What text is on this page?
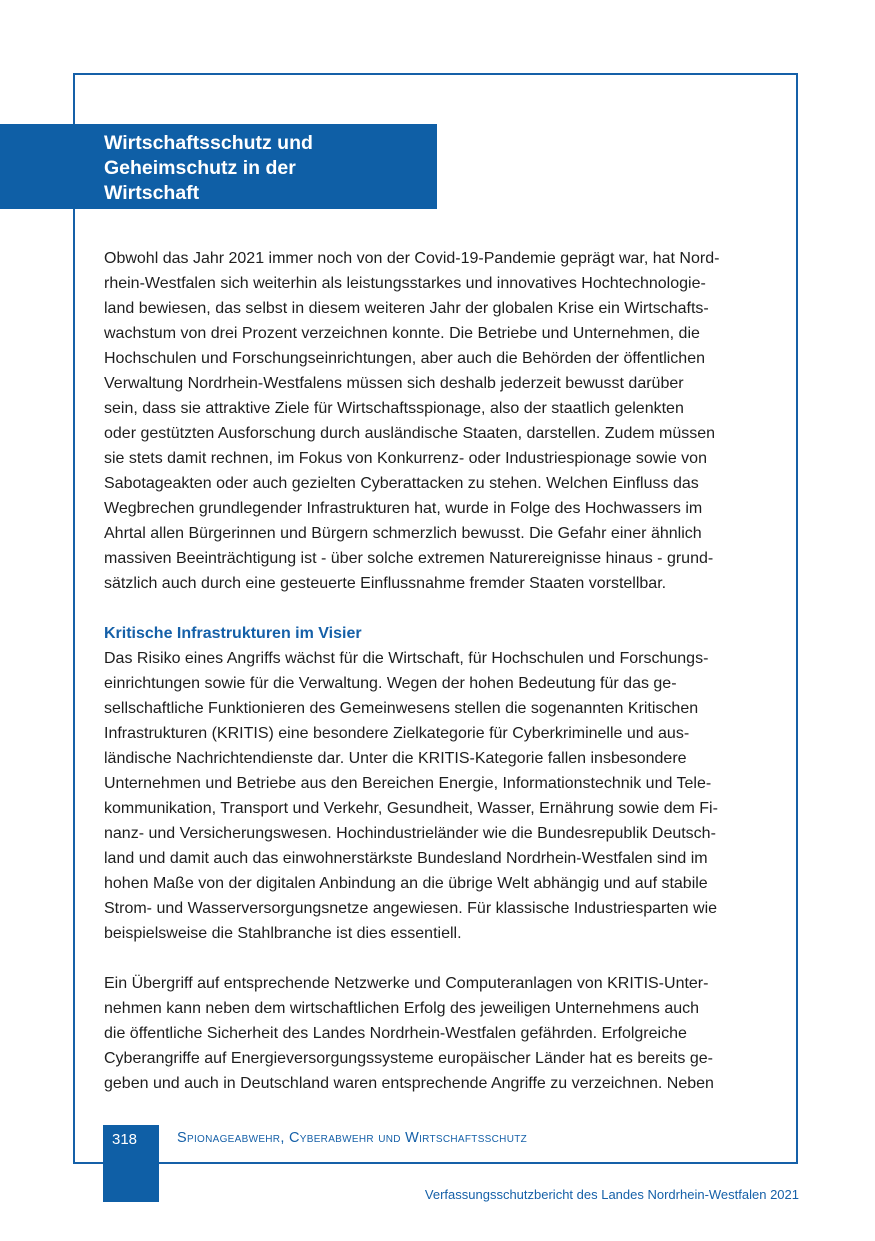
Wirtschaftsschutz und
Geheimschutz in der
Wirtschaft
Obwohl das Jahr 2021 immer noch von der Covid-19-Pandemie geprägt war, hat Nord-
rhein-Westfalen sich weiterhin als leistungsstarkes und innovatives Hochtechnologie-
land bewiesen, das selbst in diesem weiteren Jahr der globalen Krise ein Wirtschafts-
wachstum von drei Prozent verzeichnen konnte. Die Betriebe und Unternehmen, die
Hochschulen und Forschungseinrichtungen, aber auch die Behörden der öffentlichen
Verwaltung Nordrhein-Westfalens müssen sich deshalb jederzeit bewusst darüber
sein, dass sie attraktive Ziele für Wirtschaftsspionage, also der staatlich gelenkten
oder gestützten Ausforschung durch ausländische Staaten, darstellen. Zudem müssen
sie stets damit rechnen, im Fokus von Konkurrenz- oder Industriespionage sowie von
Sabotageakten oder auch gezielten Cyberattacken zu stehen. Welchen Einfluss das
Wegbrechen grundlegender Infrastrukturen hat, wurde in Folge des Hochwassers im
Ahrtal allen Bürgerinnen und Bürgern schmerzlich bewusst. Die Gefahr einer ähnlich
massiven Beeinträchtigung ist - über solche extremen Naturereignisse hinaus - grund-
sätzlich auch durch eine gesteuerte Einflussnahme fremder Staaten vorstellbar.
Kritische Infrastrukturen im Visier
Das Risiko eines Angriffs wächst für die Wirtschaft, für Hochschulen und Forschungs-
einrichtungen sowie für die Verwaltung. Wegen der hohen Bedeutung für das ge-
sellschaftliche Funktionieren des Gemeinwesens stellen die sogenannten Kritischen
Infrastrukturen (KRITIS) eine besondere Zielkategorie für Cyberkriminelle und aus-
ländische Nachrichtendienste dar. Unter die KRITIS-Kategorie fallen insbesondere
Unternehmen und Betriebe aus den Bereichen Energie, Informationstechnik und Tele-
kommunikation, Transport und Verkehr, Gesundheit, Wasser, Ernährung sowie dem Fi-
nanz- und Versicherungswesen. Hochindustrieländer wie die Bundesrepublik Deutsch-
land und damit auch das einwohnerstärkste Bundesland Nordrhein-Westfalen sind im
hohen Maße von der digitalen Anbindung an die übrige Welt abhängig und auf stabile
Strom- und Wasserversorgungsnetze angewiesen. Für klassische Industriesparten wie
beispielsweise die Stahlbranche ist dies essentiell.
Ein Übergriff auf entsprechende Netzwerke und Computeranlagen von KRITIS-Unter-
nehmen kann neben dem wirtschaftlichen Erfolg des jeweiligen Unternehmens auch
die öffentliche Sicherheit des Landes Nordrhein-Westfalen gefährden. Erfolgreiche
Cyberangriffe auf Energieversorgungssysteme europäischer Länder hat es bereits ge-
geben und auch in Deutschland waren entsprechende Angriffe zu verzeichnen. Neben
318	Spionageabwehr, Cyberabwehr und Wirtschaftsschutz
Verfassungsschutzbericht des Landes Nordrhein-Westfalen 2021
